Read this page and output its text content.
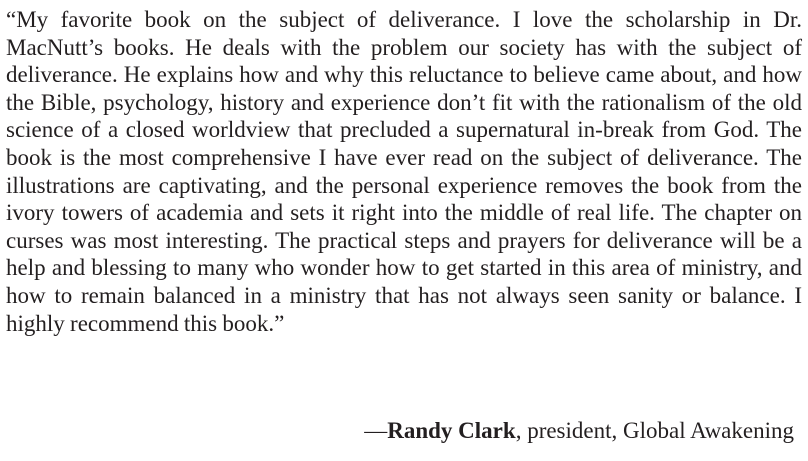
“My favorite book on the subject of deliverance. I love the scholarship in Dr. MacNutt’s books. He deals with the problem our society has with the subject of deliverance. He explains how and why this reluctance to believe came about, and how the Bible, psychology, history and experience don’t fit with the rationalism of the old science of a closed worldview that precluded a supernatural in-break from God. The book is the most comprehensive I have ever read on the subject of deliverance. The illustrations are captivating, and the personal experience removes the book from the ivory towers of academia and sets it right into the middle of real life. The chapter on curses was most interesting. The practical steps and prayers for deliverance will be a help and blessing to many who wonder how to get started in this area of ministry, and how to remain balanced in a ministry that has not always seen sanity or balance. I highly recommend this book.”

—Randy Clark, president, Global Awakening
